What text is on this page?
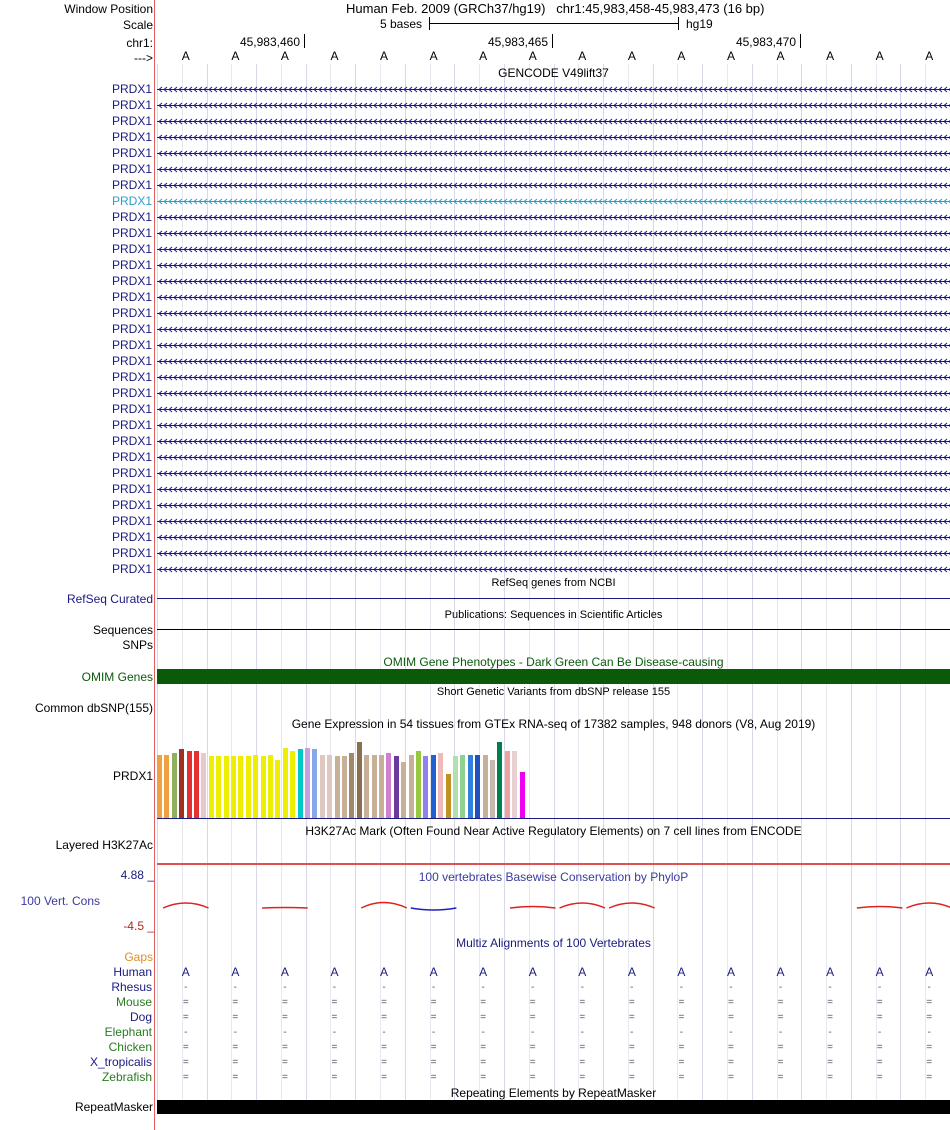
Window Position
Scale
chr1:
--->
Human Feb. 2009 (GRCh37/hg19) chr1:45,983,458-45,983,473 (16 bp)
5 bases	hg19
45,983,460	45,983,465	45,983,470
A	A	A	A	A	A	A	A	A	A	A	A	A	A	A	A
GENCODE V49lift37
PRDX1
PRDX1
PRDX1
PRDX1
PRDX1
PRDX1
PRDX1
PRDX1
PRDX1
PRDX1
PRDX1
PRDX1
PRDX1
PRDX1
PRDX1
PRDX1
PRDX1
PRDX1
PRDX1
PRDX1
PRDX1
PRDX1
PRDX1
PRDX1
PRDX1
PRDX1
PRDX1
PRDX1
PRDX1
PRDX1
PRDX1
RefSeq genes from NCBI
RefSeq Curated
Publications: Sequences in Scientific Articles
Sequences
SNPs
OMIM Gene Phenotypes - Dark Green Can Be Disease-causing
OMIM Genes
Short Genetic Variants from dbSNP release 155
Common dbSNP(155)
Gene Expression in 54 tissues from GTEx RNA-seq of 17382 samples, 948 donors (V8, Aug 2019)
PRDX1
H3K27Ac Mark (Often Found Near Active Regulatory Elements) on 7 cell lines from ENCODE
Layered H3K27Ac
100 vertebrates Basewise Conservation by PhyloP
4.88 _
100 Vert. Cons
-4.5 _
Multiz Alignments of 100 Vertebrates
Gaps
Human	A	A	A	A	A	A	A	A	A	A	A	A	A	A	A	A
Rhesus	-	-	-	-	-	-	-	-	-	-	-	-	-	-	-	-
Mouse	=	=	=	=	=	=	=	=	=	=	=	=	=	=	=	=
Dog	=	=	=	=	=	=	=	=	=	=	=	=	=	=	=	=
Elephant	-	-	-	-	-	-	-	-	-	-	-	-	-	-	-	-
Chicken	=	=	=	=	=	=	=	=	=	=	=	=	=	=	=	=
X_tropicalis	=	=	=	=	=	=	=	=	=	=	=	=	=	=	=	=
Zebrafish	=	=	=	=	=	=	=	=	=	=	=	=	=	=	=	=
Repeating Elements by RepeatMasker
RepeatMasker
